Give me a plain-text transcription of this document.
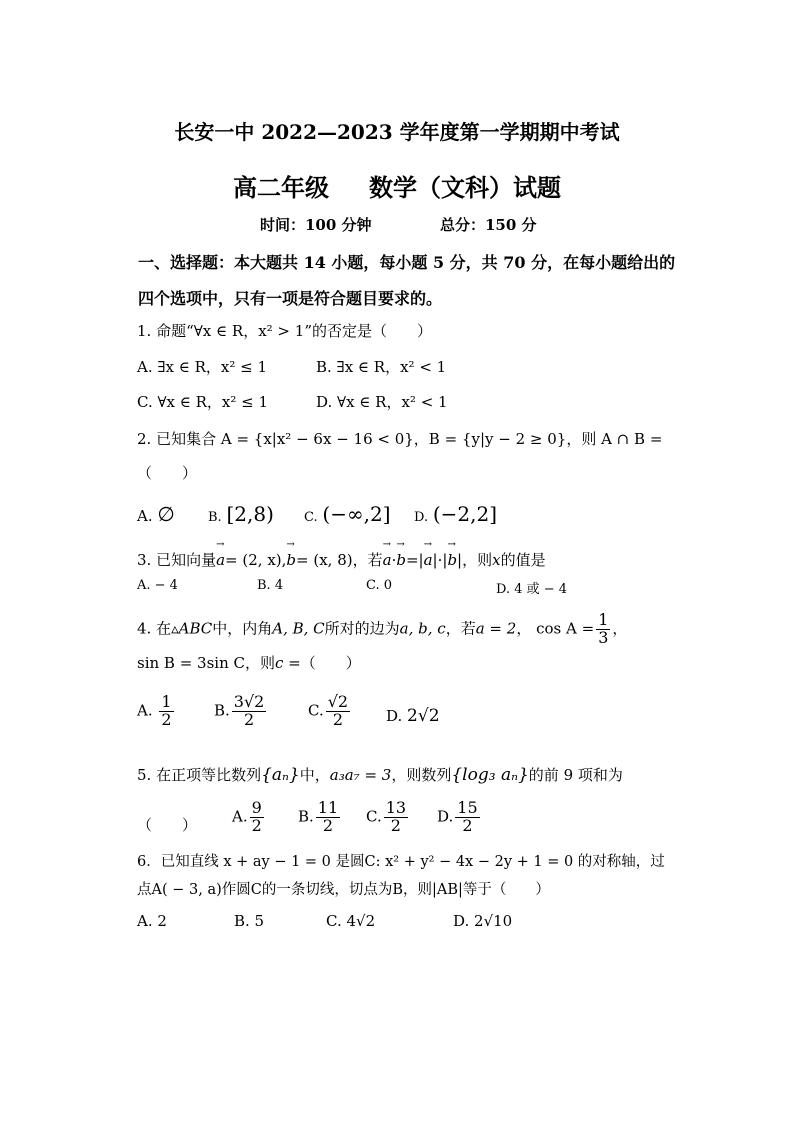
长安一中 2022—2023 学年度第一学期期中考试
高二年级 数学（文科）试题
时间：100 分钟	总分：150 分
一、选择题：本大题共 14 小题，每小题 5 分，共 70 分，在每小题给出的
四个选项中，只有一项是符合题目要求的。
1. 命题“∀x ∈ R，x² > 1”的否定是（　　）
A. ∃x ∈ R，x² ≤ 1	B. ∃x ∈ R，x² < 1
C. ∀x ∈ R，x² ≤ 1	D. ∀x ∈ R，x² < 1
2. 已知集合 A = {x|x² − 6x − 16 < 0}，B = {y|y − 2 ≥ 0}，则 A ∩ B =
（　　）
A. ∅	B. [2,8) C. (−∞,2] D. (−2,2]
3. 已知向量→ a= (2, x),→ b= (x, 8)，若→ a·→ b=|→ a|·|→ b|，则x的值是
A. − 4	B. 4	C. 0	D. 4 或 − 4
4. 在▵ABC中，内角A, B, C所对的边为a, b, c，若a = 2， $\cos A = \frac{1}{3}$ ，
sin B = 3sin C，则c =（　　）
A. $\frac{1}{2}$	B. $\frac{3√2}{2}$	C. $\frac{√2}{2} D$. 2√2
5. 在正项等比数列{aₙ}中，a₃a₇ = 3，则数列{log₃ aₙ}的前 9 项和为
（　　） A. $\frac{9}{2} B$. $\frac{11}{2} C$. $\frac{13}{2} D$. $\frac{15}{2}$
6．已知直线 x + ay − 1 = 0 是圆C: x² + y² − 4x − 2y + 1 = 0 的对称轴，过
点A( − 3, a)作圆C的一条切线，切点为B，则|AB|等于（　　）
A. 2	B. 5	C. 4√2	D. 2√10
